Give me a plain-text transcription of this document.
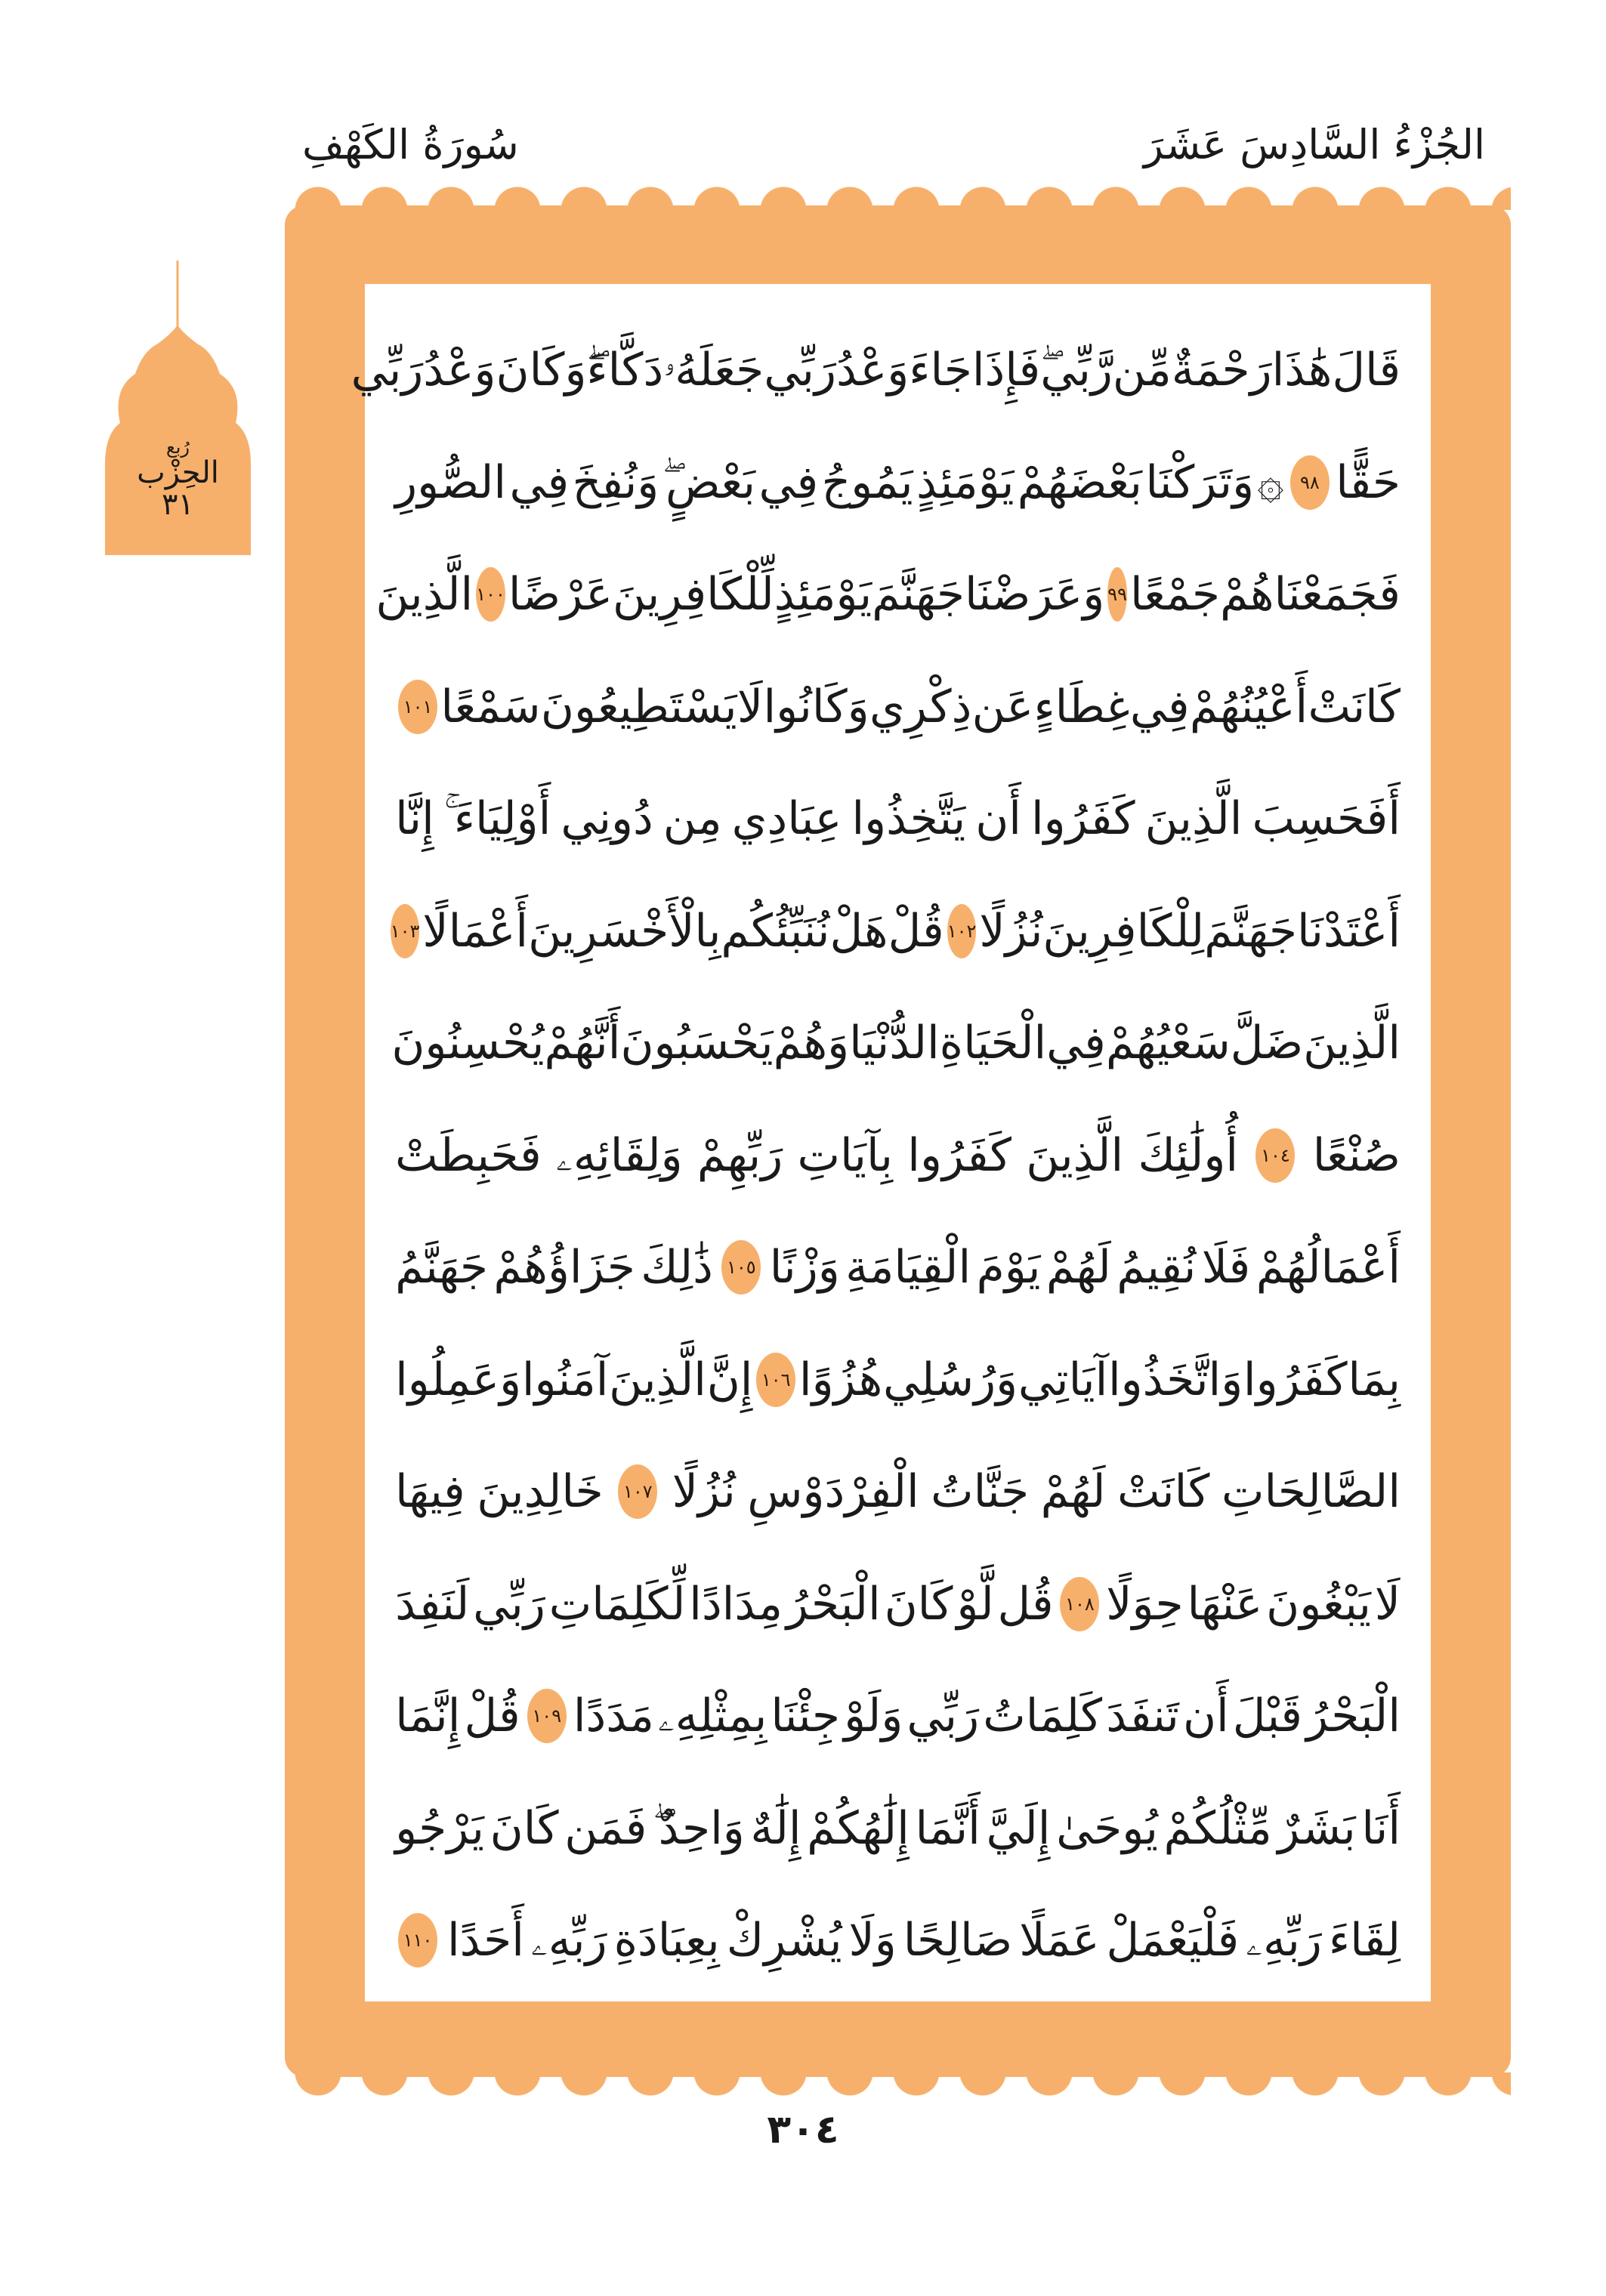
الجُزْءُ السَّادِسَ عَشَرَ
سُورَةُ الكَهْفِ
رُبع
الحِزْب
٣١
قَالَ
هَٰذَا
رَحْمَةٌ
مِّن
رَّبِّي
فَإِذَا
جَاءَ
وَعْدُ
رَبِّي
جَعَلَهُۥ
دَكَّاءَ
وَكَانَ
وَعْدُ
رَبِّي
حَقًّا
٩٨
۞
وَتَرَكْنَا
بَعْضَهُمْ
يَوْمَئِذٍ
يَمُوجُ
فِي
بَعْضٍ
وَنُفِخَ
فِي
الصُّورِ
فَجَمَعْنَاهُمْ
جَمْعًا
٩٩
وَعَرَضْنَا
جَهَنَّمَ
يَوْمَئِذٍ
لِّلْكَافِرِينَ
عَرْضًا
١٠٠
الَّذِينَ
كَانَتْ
أَعْيُنُهُمْ
فِي
غِطَاءٍ
عَن
ذِكْرِي
وَكَانُوا
لَا
يَسْتَطِيعُونَ
سَمْعًا
١٠١
أَفَحَسِبَ
الَّذِينَ
كَفَرُوا
أَن
يَتَّخِذُوا
عِبَادِي
مِن
دُونِي
أَوْلِيَاءَ
إِنَّا
أَعْتَدْنَا
جَهَنَّمَ
لِلْكَافِرِينَ
نُزُلًا
١٠٢
قُلْ
هَلْ
نُنَبِّئُكُم
بِالْأَخْسَرِينَ
أَعْمَالًا
١٠٣
الَّذِينَ
ضَلَّ
سَعْيُهُمْ
فِي
الْحَيَاةِ
الدُّنْيَا
وَهُمْ
يَحْسَبُونَ
أَنَّهُمْ
يُحْسِنُونَ
صُنْعًا
١٠٤
أُولَٰئِكَ
الَّذِينَ
كَفَرُوا
بِآيَاتِ
رَبِّهِمْ
وَلِقَائِهِۦ
فَحَبِطَتْ
أَعْمَالُهُمْ
فَلَا
نُقِيمُ
لَهُمْ
يَوْمَ
الْقِيَامَةِ
وَزْنًا
١٠٥
ذَٰلِكَ
جَزَاؤُهُمْ
جَهَنَّمُ
بِمَا
كَفَرُوا
وَاتَّخَذُوا
آيَاتِي
وَرُسُلِي
هُزُوًا
١٠٦
إِنَّ
الَّذِينَ
آمَنُوا
وَعَمِلُوا
الصَّالِحَاتِ
كَانَتْ
لَهُمْ
جَنَّاتُ
الْفِرْدَوْسِ
نُزُلًا
١٠٧
خَالِدِينَ
فِيهَا
لَا
يَبْغُونَ
عَنْهَا
حِوَلًا
١٠٨
قُل
لَّوْ
كَانَ
الْبَحْرُ
مِدَادًا
لِّكَلِمَاتِ
رَبِّي
لَنَفِدَ
الْبَحْرُ
قَبْلَ
أَن
تَنفَدَ
كَلِمَاتُ
رَبِّي
وَلَوْ
جِئْنَا
بِمِثْلِهِۦ
مَدَدًا
١٠٩
قُلْ
إِنَّمَا
أَنَا
بَشَرٌ
مِّثْلُكُمْ
يُوحَىٰ
إِلَيَّ
أَنَّمَا
إِلَٰهُكُمْ
إِلَٰهٌ
وَاحِدٌ
فَمَن
كَانَ
يَرْجُو
لِقَاءَ
رَبِّهِۦ
فَلْيَعْمَلْ
عَمَلًا
صَالِحًا
وَلَا
يُشْرِكْ
بِعِبَادَةِ
رَبِّهِۦ
أَحَدًا
١١٠
٣٠٤
